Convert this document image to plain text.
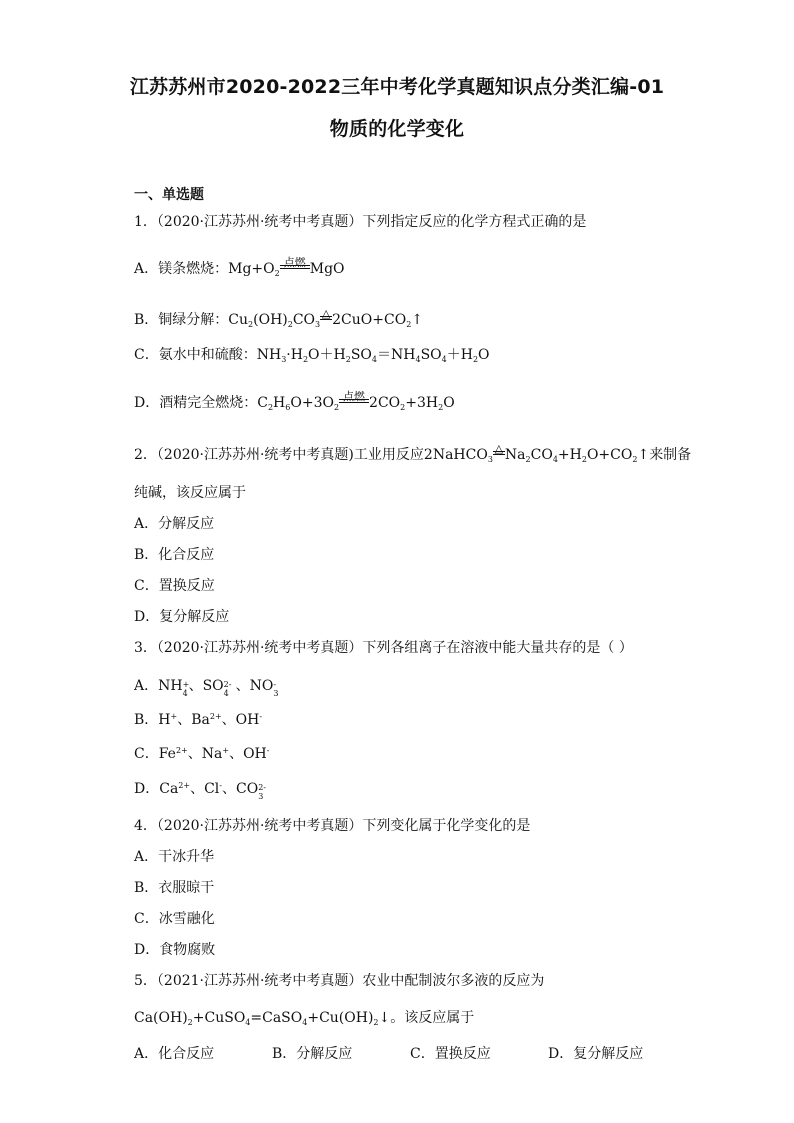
江苏苏州市2020-2022三年中考化学真题知识点分类汇编-01
物质的化学变化
一、单选题
1．（2020·江苏苏州·统考中考真题）下列指定反应的化学方程式正确的是
A．镁条燃烧：$Mg+O_2$
点燃 MgO
B．铜绿分解：$Cu_2(OH)_2CO_3$
△ $2CuO+CO_2↑$
C．氨水中和硫酸：$NH_3\cdot H_2O+H_2SO_4=NH_4SO_4+H_2O$
D．酒精完全燃烧：$C_2H_6O+3O_2$
点燃 $2CO_2+3H_2O$
2．（2020·江苏苏州·统考中考真题)工业用反应2NaHCO$_3$
△ $Na_2CO_4+H_2O+CO_2↑$来制备
纯碱，该反应属于
A．分解反应
B．化合反应
C．置换反应
D．复分解反应
3．（2020·江苏苏州·统考中考真题）下列各组离子在溶液中能大量共存的是（ ）
A．NH +
4 、SO 2-
4 、NO -
3
B．H+、$Ba^{2+}$、OH-
C．$Fe^{2+}$、Na+、OH-
D．$Ca^{2+}$、Cl-、CO 2-
3
4．（2020·江苏苏州·统考中考真题）下列变化属于化学变化的是
A．干冰升华
B．衣服晾干
C．冰雪融化
D．食物腐败
5．（2021·江苏苏州·统考中考真题）农业中配制波尔多液的反应为
$Ca(OH)_2+CuSO_4=CaSO_4+Cu(OH)_2↓$。该反应属于
A．化合反应	B．分解反应	C．置换反应	D．复分解反应
